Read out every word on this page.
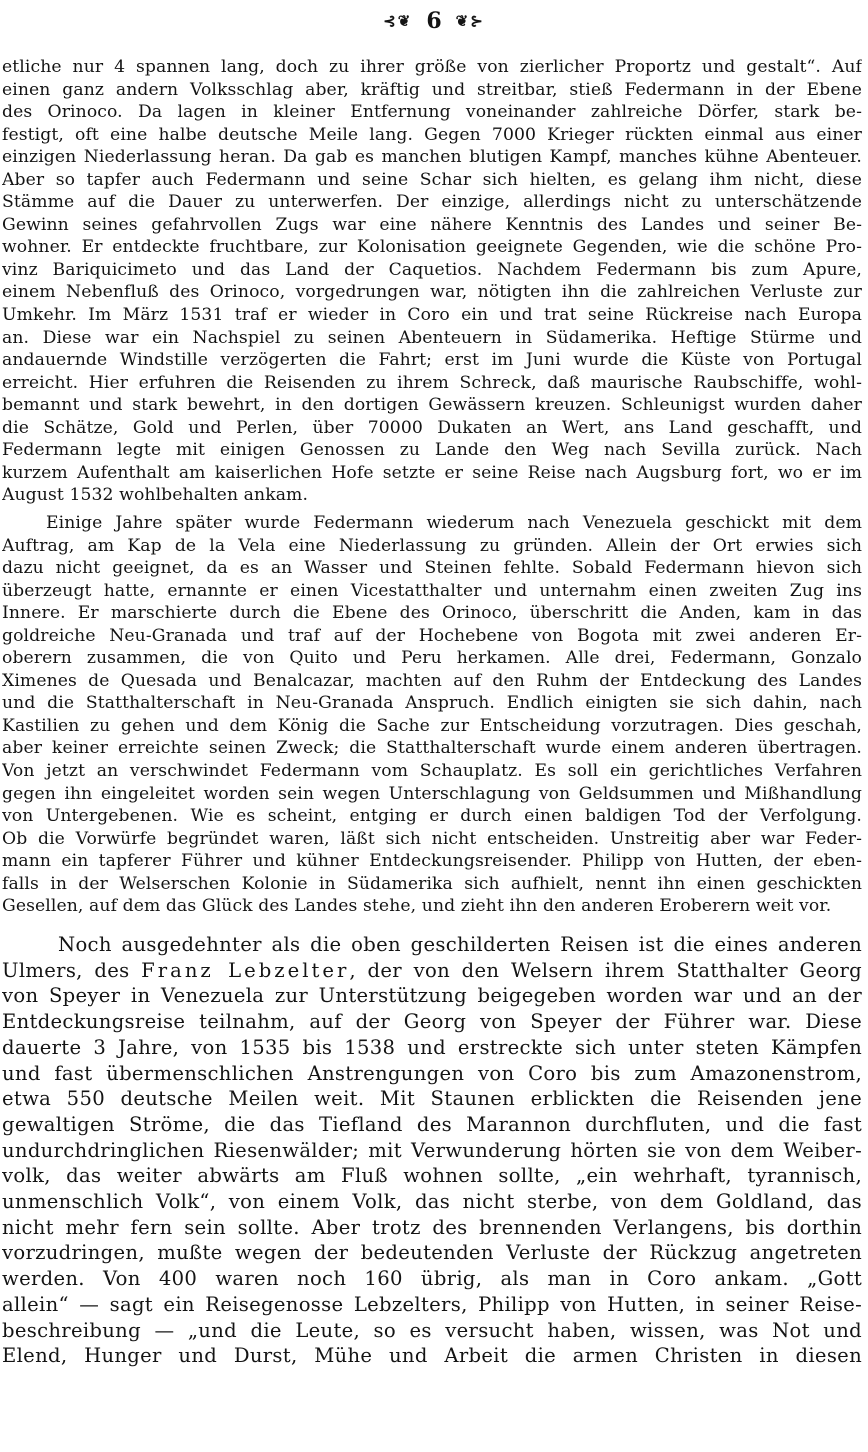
⊰❦ 6 ❦⊱
etliche nur 4 spannen lang, doch zu ihrer größe von zierlicher Proportz und gestalt“. Auf
einen ganz andern Volksschlag aber, kräftig und streitbar, stieß Federmann in der Ebene
des Orinoco. Da lagen in kleiner Entfernung voneinander zahlreiche Dörfer, stark be-
festigt, oft eine halbe deutsche Meile lang. Gegen 7000 Krieger rückten einmal aus einer
einzigen Niederlassung heran. Da gab es manchen blutigen Kampf, manches kühne Abenteuer.
Aber so tapfer auch Federmann und seine Schar sich hielten, es gelang ihm nicht, diese
Stämme auf die Dauer zu unterwerfen. Der einzige, allerdings nicht zu unterschätzende
Gewinn seines gefahrvollen Zugs war eine nähere Kenntnis des Landes und seiner Be-
wohner. Er entdeckte fruchtbare, zur Kolonisation geeignete Gegenden, wie die schöne Pro-
vinz Bariquicimeto und das Land der Caquetios. Nachdem Federmann bis zum Apure,
einem Nebenfluß des Orinoco, vorgedrungen war, nötigten ihn die zahlreichen Verluste zur
Umkehr. Im März 1531 traf er wieder in Coro ein und trat seine Rückreise nach Europa
an. Diese war ein Nachspiel zu seinen Abenteuern in Südamerika. Heftige Stürme und
andauernde Windstille verzögerten die Fahrt; erst im Juni wurde die Küste von Portugal
erreicht. Hier erfuhren die Reisenden zu ihrem Schreck, daß maurische Raubschiffe, wohl-
bemannt und stark bewehrt, in den dortigen Gewässern kreuzen. Schleunigst wurden daher
die Schätze, Gold und Perlen, über 70000 Dukaten an Wert, ans Land geschafft, und
Federmann legte mit einigen Genossen zu Lande den Weg nach Sevilla zurück. Nach
kurzem Aufenthalt am kaiserlichen Hofe setzte er seine Reise nach Augsburg fort, wo er im
August 1532 wohlbehalten ankam.
Einige Jahre später wurde Federmann wiederum nach Venezuela geschickt mit dem
Auftrag, am Kap de la Vela eine Niederlassung zu gründen. Allein der Ort erwies sich
dazu nicht geeignet, da es an Wasser und Steinen fehlte. Sobald Federmann hievon sich
überzeugt hatte, ernannte er einen Vicestatthalter und unternahm einen zweiten Zug ins
Innere. Er marschierte durch die Ebene des Orinoco, überschritt die Anden, kam in das
goldreiche Neu-Granada und traf auf der Hochebene von Bogota mit zwei anderen Er-
oberern zusammen, die von Quito und Peru herkamen. Alle drei, Federmann, Gonzalo
Ximenes de Quesada und Benalcazar, machten auf den Ruhm der Entdeckung des Landes
und die Statthalterschaft in Neu-Granada Anspruch. Endlich einigten sie sich dahin, nach
Kastilien zu gehen und dem König die Sache zur Entscheidung vorzutragen. Dies geschah,
aber keiner erreichte seinen Zweck; die Statthalterschaft wurde einem anderen übertragen.
Von jetzt an verschwindet Federmann vom Schauplatz. Es soll ein gerichtliches Verfahren
gegen ihn eingeleitet worden sein wegen Unterschlagung von Geldsummen und Mißhandlung
von Untergebenen. Wie es scheint, entging er durch einen baldigen Tod der Verfolgung.
Ob die Vorwürfe begründet waren, läßt sich nicht entscheiden. Unstreitig aber war Feder-
mann ein tapferer Führer und kühner Entdeckungsreisender. Philipp von Hutten, der eben-
falls in der Welserschen Kolonie in Südamerika sich aufhielt, nennt ihn einen geschickten
Gesellen, auf dem das Glück des Landes stehe, und zieht ihn den anderen Eroberern weit vor.
Noch ausgedehnter als die oben geschilderten Reisen ist die eines anderen
Ulmers, des Franz Lebzelter, der von den Welsern ihrem Statthalter Georg
von Speyer in Venezuela zur Unterstützung beigegeben worden war und an der
Entdeckungsreise teilnahm, auf der Georg von Speyer der Führer war. Diese
dauerte 3 Jahre, von 1535 bis 1538 und erstreckte sich unter steten Kämpfen
und fast übermenschlichen Anstrengungen von Coro bis zum Amazonenstrom,
etwa 550 deutsche Meilen weit. Mit Staunen erblickten die Reisenden jene
gewaltigen Ströme, die das Tiefland des Marannon durchfluten, und die fast
undurchdringlichen Riesenwälder; mit Verwunderung hörten sie von dem Weiber-
volk, das weiter abwärts am Fluß wohnen sollte, „ein wehrhaft, tyrannisch,
unmenschlich Volk“, von einem Volk, das nicht sterbe, von dem Goldland, das
nicht mehr fern sein sollte. Aber trotz des brennenden Verlangens, bis dorthin
vorzudringen, mußte wegen der bedeutenden Verluste der Rückzug angetreten
werden. Von 400 waren noch 160 übrig, als man in Coro ankam. „Gott
allein“ — sagt ein Reisegenosse Lebzelters, Philipp von Hutten, in seiner Reise-
beschreibung — „und die Leute, so es versucht haben, wissen, was Not und
Elend, Hunger und Durst, Mühe und Arbeit die armen Christen in diesen
